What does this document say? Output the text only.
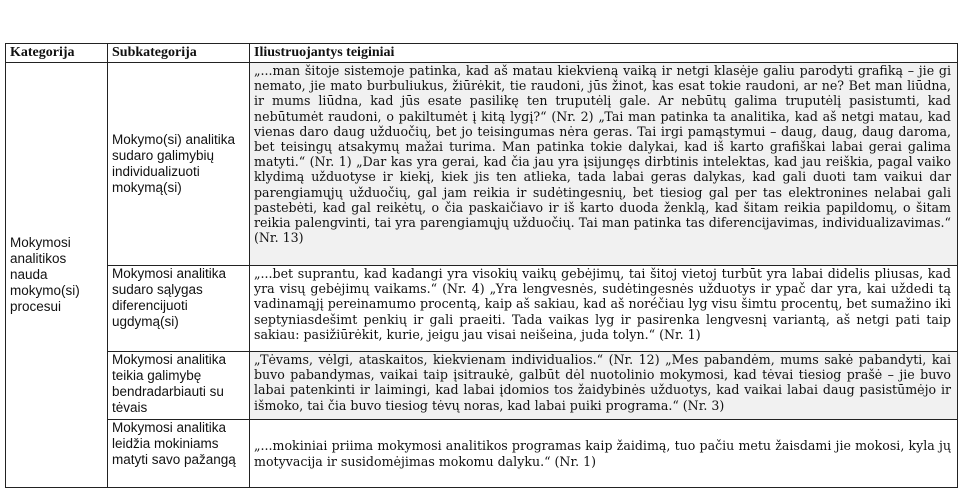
Kategorija	Subkategorija	Iliustruojantys teiginiai
Mokymosi analitikos nauda mokymo(si) procesui	Mokymo(si) analitika sudaro galimybių individualizuoti mokymą(si)	„...man šitoje sistemoje patinka, kad aš matau kiekvieną vaiką ir netgi klasėje galiu parodyti grafiką – jie gi nemato, jie mato burbuliukus, žiūrėkit, tie raudoni, jūs žinot, kas esat tokie raudoni, ar ne? Bet man liūdna, ir mums liūdna, kad jūs esate pasilikę ten truputėlį gale. Ar nebūtų galima truputėlį pasistumti, kad nebūtumėt raudoni, o pakiltumėt į kitą lygį?“ (Nr. 2) „Tai man patinka ta analitika, kad aš netgi matau, kad vienas daro daug užduočių, bet jo teisingumas nėra geras. Tai irgi pamąstymui – daug, daug, daug daroma, bet teisingų atsakymų mažai turima. Man patinka tokie dalykai, kad iš karto grafiškai labai gerai galima matyti.“ (Nr. 1) „Dar kas yra gerai, kad čia jau yra įsijungęs dirbtinis intelektas, kad jau reiškia, pagal vaiko klydimą užduotyse ir kiekį, kiek jis ten atlieka, tada labai geras dalykas, kad gali duoti tam vaikui dar parengiamųjų užduočių, gal jam reikia ir sudėtingesnių, bet tiesiog gal per tas elektronines nelabai gali pastebėti, kad gal reikėtų, o čia paskaičiavo ir iš karto duoda ženklą, kad šitam reikia papildomų, o šitam reikia palengvinti, tai yra parengiamųjų užduočių. Tai man patinka tas diferencijavimas, individualizavimas.“ (Nr. 13)
	Mokymosi analitika sudaro sąlygas diferencijuoti ugdymą(si)	„...bet suprantu, kad kadangi yra visokių vaikų gebėjimų, tai šitoj vietoj turbūt yra labai didelis pliusas, kad yra visų gebėjimų vaikams.“ (Nr. 4) „Yra lengvesnės, sudėtingesnės užduotys ir ypač dar yra, kai uždedi tą vadinamąjį pereinamumo procentą, kaip aš sakiau, kad aš noréčiau lyg visu šimtu procentų, bet sumažino iki septyniasdešimt penkių ir gali praeiti. Tada vaikas lyg ir pasirenka lengvesnį variantą, aš netgi pati taip sakiau: pasižiūrėkit, kurie, jeigu jau visai neišeina, juda tolyn.“ (Nr. 1)
	Mokymosi analitika teikia galimybę bendradarbiauti su tėvais	„Tėvams, vėlgi, ataskaitos, kiekvienam individualios.“ (Nr. 12) „Mes pabandėm, mums sakė pabandyti, kai buvo pabandymas, vaikai taip įsitraukė, galbūt dėl nuotolinio mokymosi, kad tėvai tiesiog prašė – jie buvo labai patenkinti ir laimingi, kad labai įdomios tos žaidybinės užduotys, kad vaikai labai daug pasistūmėjo ir išmoko, tai čia buvo tiesiog tėvų noras, kad labai puiki programa.“ (Nr. 3)
	Mokymosi analitika leidžia mokiniams matyti savo pažangą	„...mokiniai priima mokymosi analitikos programas kaip žaidimą, tuo pačiu metu žaisdami jie mokosi, kyla jų motyvacija ir susidomėjimas mokomu dalyku.“ (Nr. 1)
